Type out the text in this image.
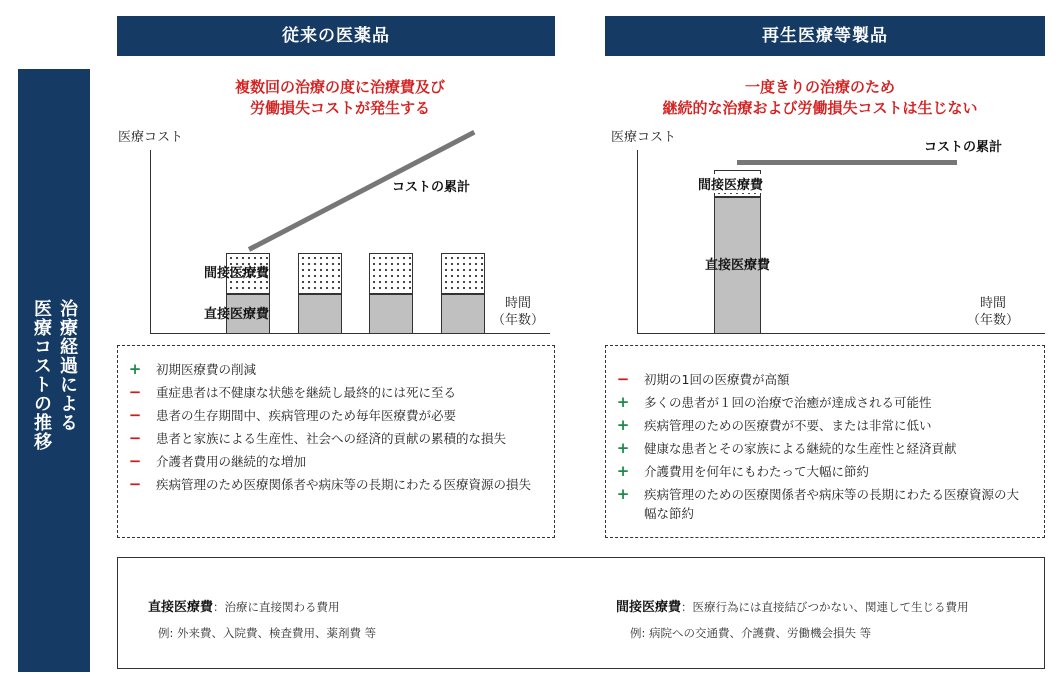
治療経過による
医療コストの推移
従来の医薬品	再生医療等製品
複数回の治療の度に治療費及び
労働損失コストが発生する
医療コスト
時間
（年数）
コストの累計
間接医療費
直接医療費
一度きりの治療のため
継続的な治療および労働損失コストは生じない
医療コスト
時間
（年数）
コストの累計
間接医療費
直接医療費
+ 初期医療費の削減
− 重症患者は不健康な状態を継続し最終的には死に至る
− 患者の生存期間中、疾病管理のため毎年医療費が必要
− 患者と家族による生産性、社会への経済的貢献の累積的な損失
− 介護者費用の継続的な増加
− 疾病管理のため医療関係者や病床等の長期にわたる医療資源の損失
− 初期の1回の医療費が高額
+ 多くの患者が１回の治療で治癒が達成される可能性
+ 疾病管理のための医療費が不要、または非常に低い
+ 健康な患者とその家族による継続的な生産性と経済貢献
+ 介護費用を何年にもわたって大幅に節約
+ 疾病管理のための医療関係者や病床等の長期にわたる医療資源の大幅な節約
直接医療費：治療に直接関わる費用
例: 外来費、入院費、検査費用、薬剤費 等
間接医療費：医療行為には直接結びつかない、関連して生じる費用
例: 病院への交通費、介護費、労働機会損失 等
